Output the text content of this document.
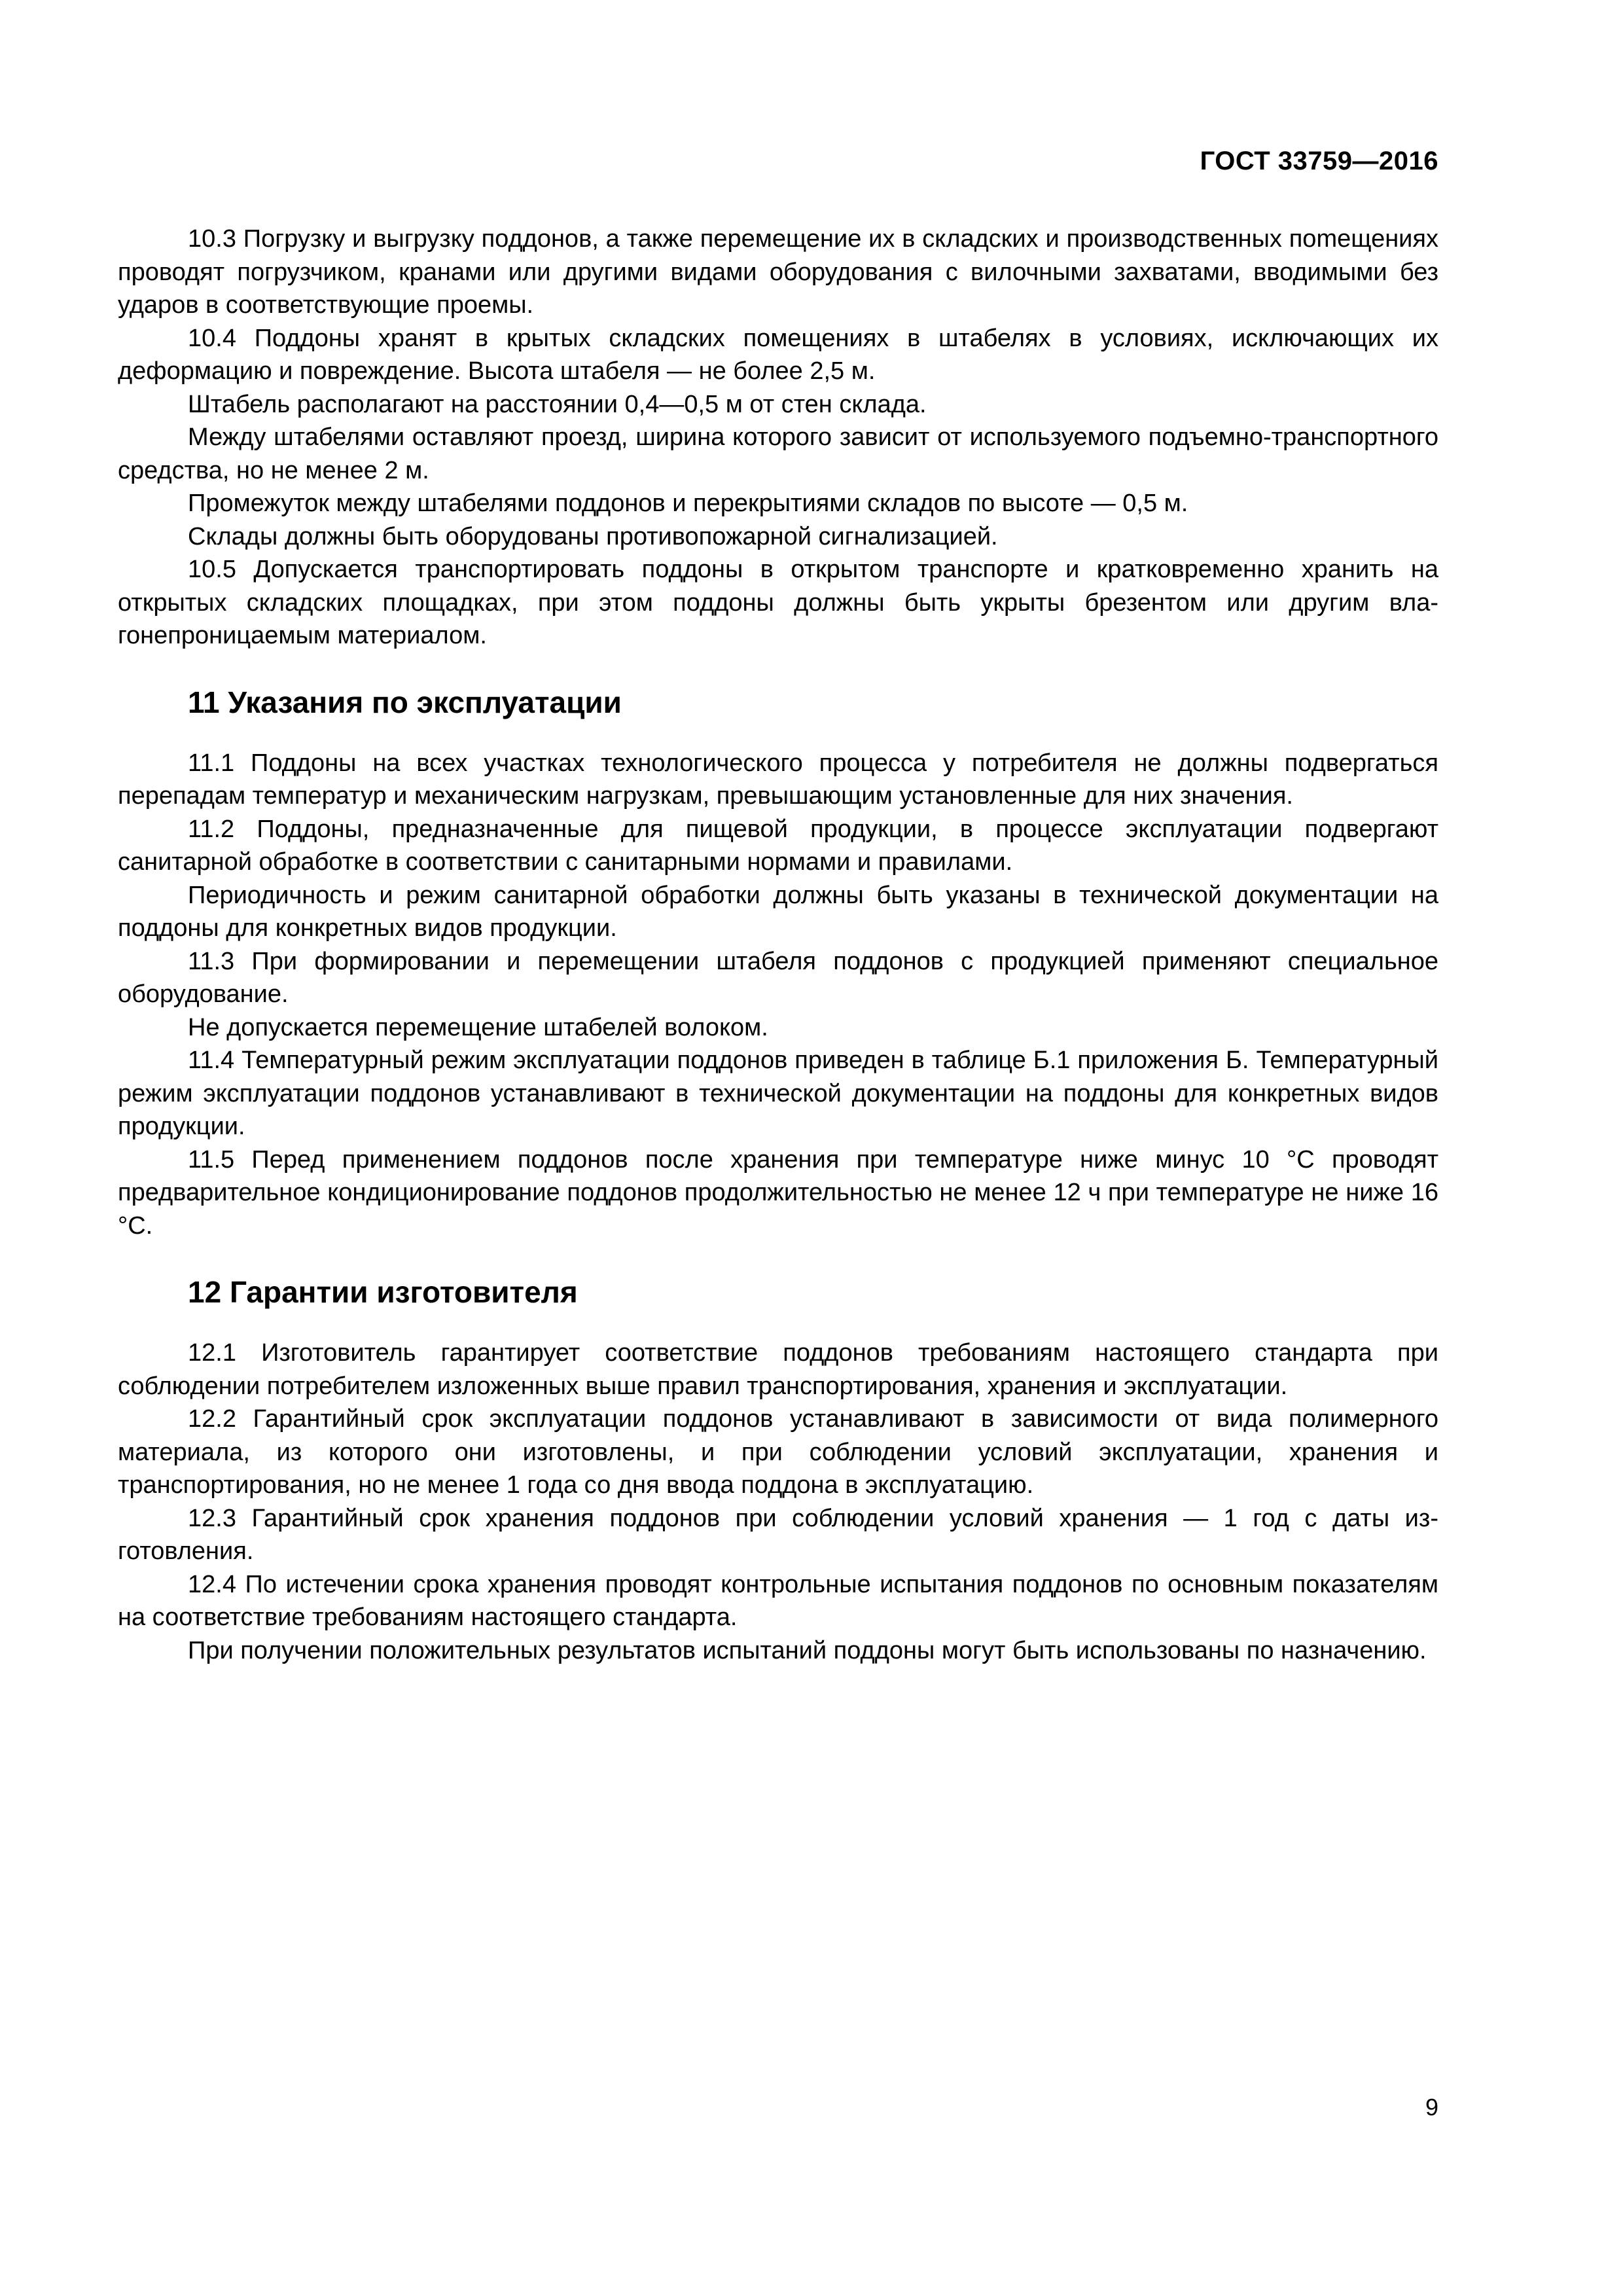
ГОСТ 33759—2016

10.3 Погрузку и выгрузку поддонов, а также перемещение их в складских и производственных поmещениях проводят погрузчиком, кранами или другими видами оборудования с вилочными захватами, вводимыми без ударов в соответствующие проемы.

10.4 Поддоны хранят в крытых складских помещениях в штабелях в условиях, исключающих их деформацию и повреждение. Высота штабеля — не более 2,5 м.

Штабель располагают на расстоянии 0,4—0,5 м от стен склада.

Между штабелями оставляют проезд, ширина которого зависит от используемого подъемно-транспортного средства, но не менее 2 м.

Промежуток между штабелями поддонов и перекрытиями складов по высоте — 0,5 м.

Склады должны быть оборудованы противопожарной сигнализацией.

10.5 Допускается транспортировать поддоны в открытом транспорте и кратковременно хранить на открытых складских площадках, при этом поддоны должны быть укрыты брезентом или другим влагонепроницаемым материалом.

11 Указания по эксплуатации

11.1 Поддоны на всех участках технологического процесса у потребителя не должны подвергаться перепадам температур и механическим нагрузкам, превышающим установленные для них значения.

11.2 Поддоны, предназначенные для пищевой продукции, в процессе эксплуатации подвергают санитарной обработке в соответствии с санитарными нормами и правилами.

Периодичность и режим санитарной обработки должны быть указаны в технической документации на поддоны для конкретных видов продукции.

11.3 При формировании и перемещении штабеля поддонов с продукцией применяют специальное оборудование.

Не допускается перемещение штабелей волоком.

11.4 Температурный режим эксплуатации поддонов приведен в таблице Б.1 приложения Б. Температурный режим эксплуатации поддонов устанавливают в технической документации на поддоны для конкретных видов продукции.

11.5 Перед применением поддонов после хранения при температуре ниже минус 10 °С проводят предварительное кондиционирование поддонов продолжительностью не менее 12 ч при температуре не ниже 16 °С.

12 Гарантии изготовителя

12.1 Изготовитель гарантирует соответствие поддонов требованиям настоящего стандарта при соблюдении потребителем изложенных выше правил транспортирования, хранения и эксплуатации.

12.2 Гарантийный срок эксплуатации поддонов устанавливают в зависимости от вида полимерного материала, из которого они изготовлены, и при соблюдении условий эксплуатации, хранения и транспортирования, но не менее 1 года со дня ввода поддона в эксплуатацию.

12.3 Гарантийный срок хранения поддонов при соблюдении условий хранения — 1 год с даты изготовления.

12.4 По истечении срока хранения проводят контрольные испытания поддонов по основным показателям на соответствие требованиям настоящего стандарта.

При получении положительных результатов испытаний поддоны могут быть использованы по назначению.

9
